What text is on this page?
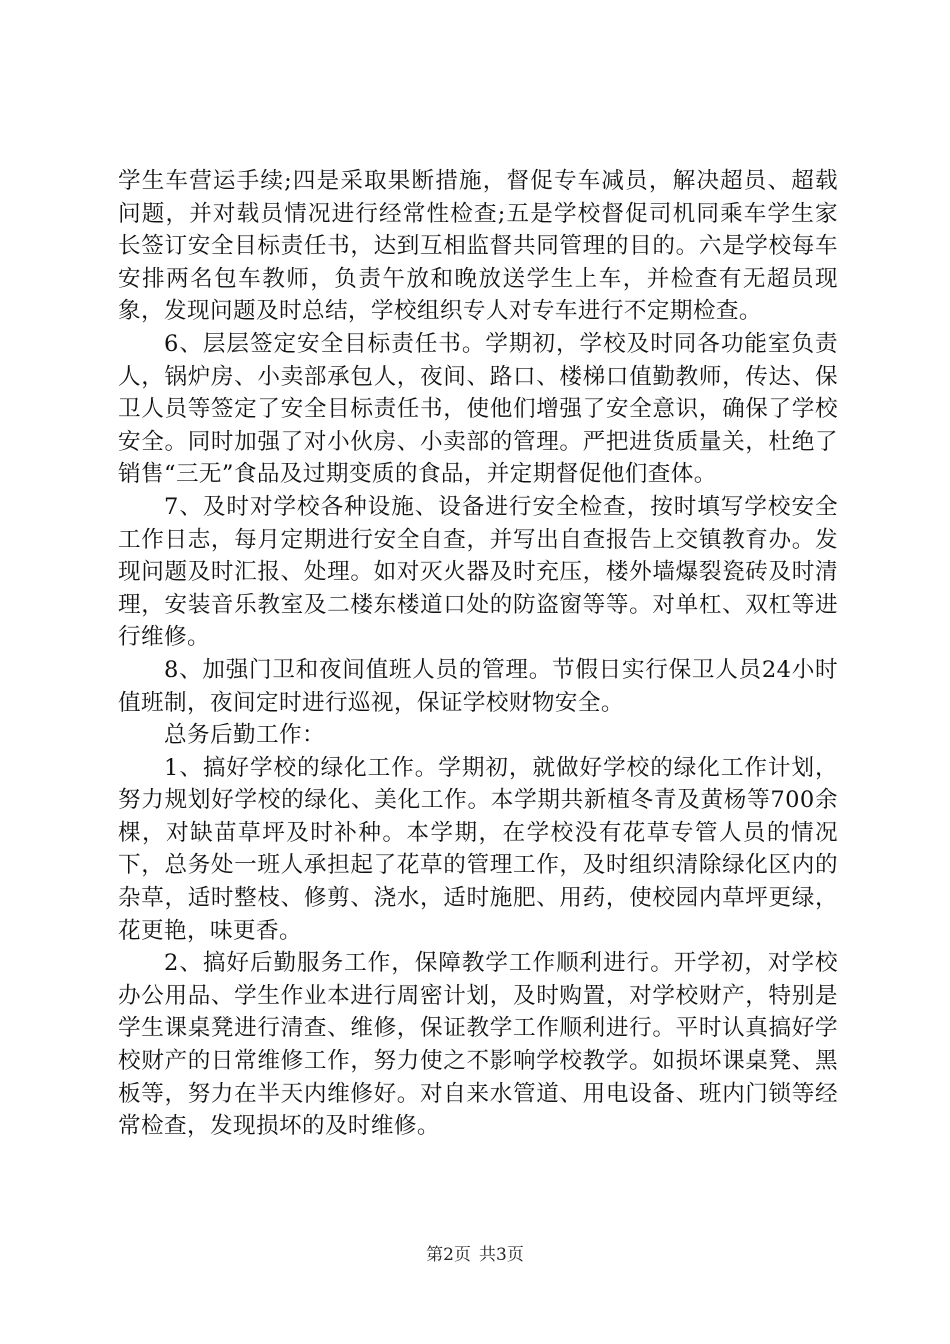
学生车营运手续;四是采取果断措施，督促专车减员，解决超员、超载问题，并对载员情况进行经常性检查;五是学校督促司机同乘车学生家长签订安全目标责任书，达到互相监督共同管理的目的。六是学校每车安排两名包车教师，负责午放和晚放送学生上车，并检查有无超员现象，发现问题及时总结，学校组织专人对专车进行不定期检查。

6、层层签定安全目标责任书。学期初，学校及时同各功能室负责人，锅炉房、小卖部承包人，夜间、路口、楼梯口值勤教师，传达、保卫人员等签定了安全目标责任书，使他们增强了安全意识，确保了学校安全。同时加强了对小伙房、小卖部的管理。严把进货质量关，杜绝了销售“三无”食品及过期变质的食品，并定期督促他们查体。

7、及时对学校各种设施、设备进行安全检查，按时填写学校安全工作日志，每月定期进行安全自查，并写出自查报告上交镇教育办。发现问题及时汇报、处理。如对灭火器及时充压，楼外墙爆裂瓷砖及时清理，安装音乐教室及二楼东楼道口处的防盗窗等等。对单杠、双杠等进行维修。

8、加强门卫和夜间值班人员的管理。节假日实行保卫人员24小时值班制，夜间定时进行巡视，保证学校财物安全。

总务后勤工作：

1、搞好学校的绿化工作。学期初，就做好学校的绿化工作计划，努力规划好学校的绿化、美化工作。本学期共新植冬青及黄杨等700余棵，对缺苗草坪及时补种。本学期，在学校没有花草专管人员的情况下，总务处一班人承担起了花草的管理工作，及时组织清除绿化区内的杂草，适时整枝、修剪、浇水，适时施肥、用药，使校园内草坪更绿，花更艳，味更香。

2、搞好后勤服务工作，保障教学工作顺利进行。开学初，对学校办公用品、学生作业本进行周密计划，及时购置，对学校财产，特别是学生课桌凳进行清查、维修，保证教学工作顺利进行。平时认真搞好学校财产的日常维修工作，努力使之不影响学校教学。如损坏课桌凳、黑板等，努力在半天内维修好。对自来水管道、用电设备、班内门锁等经常检查，发现损坏的及时维修。

第2页 共3页
